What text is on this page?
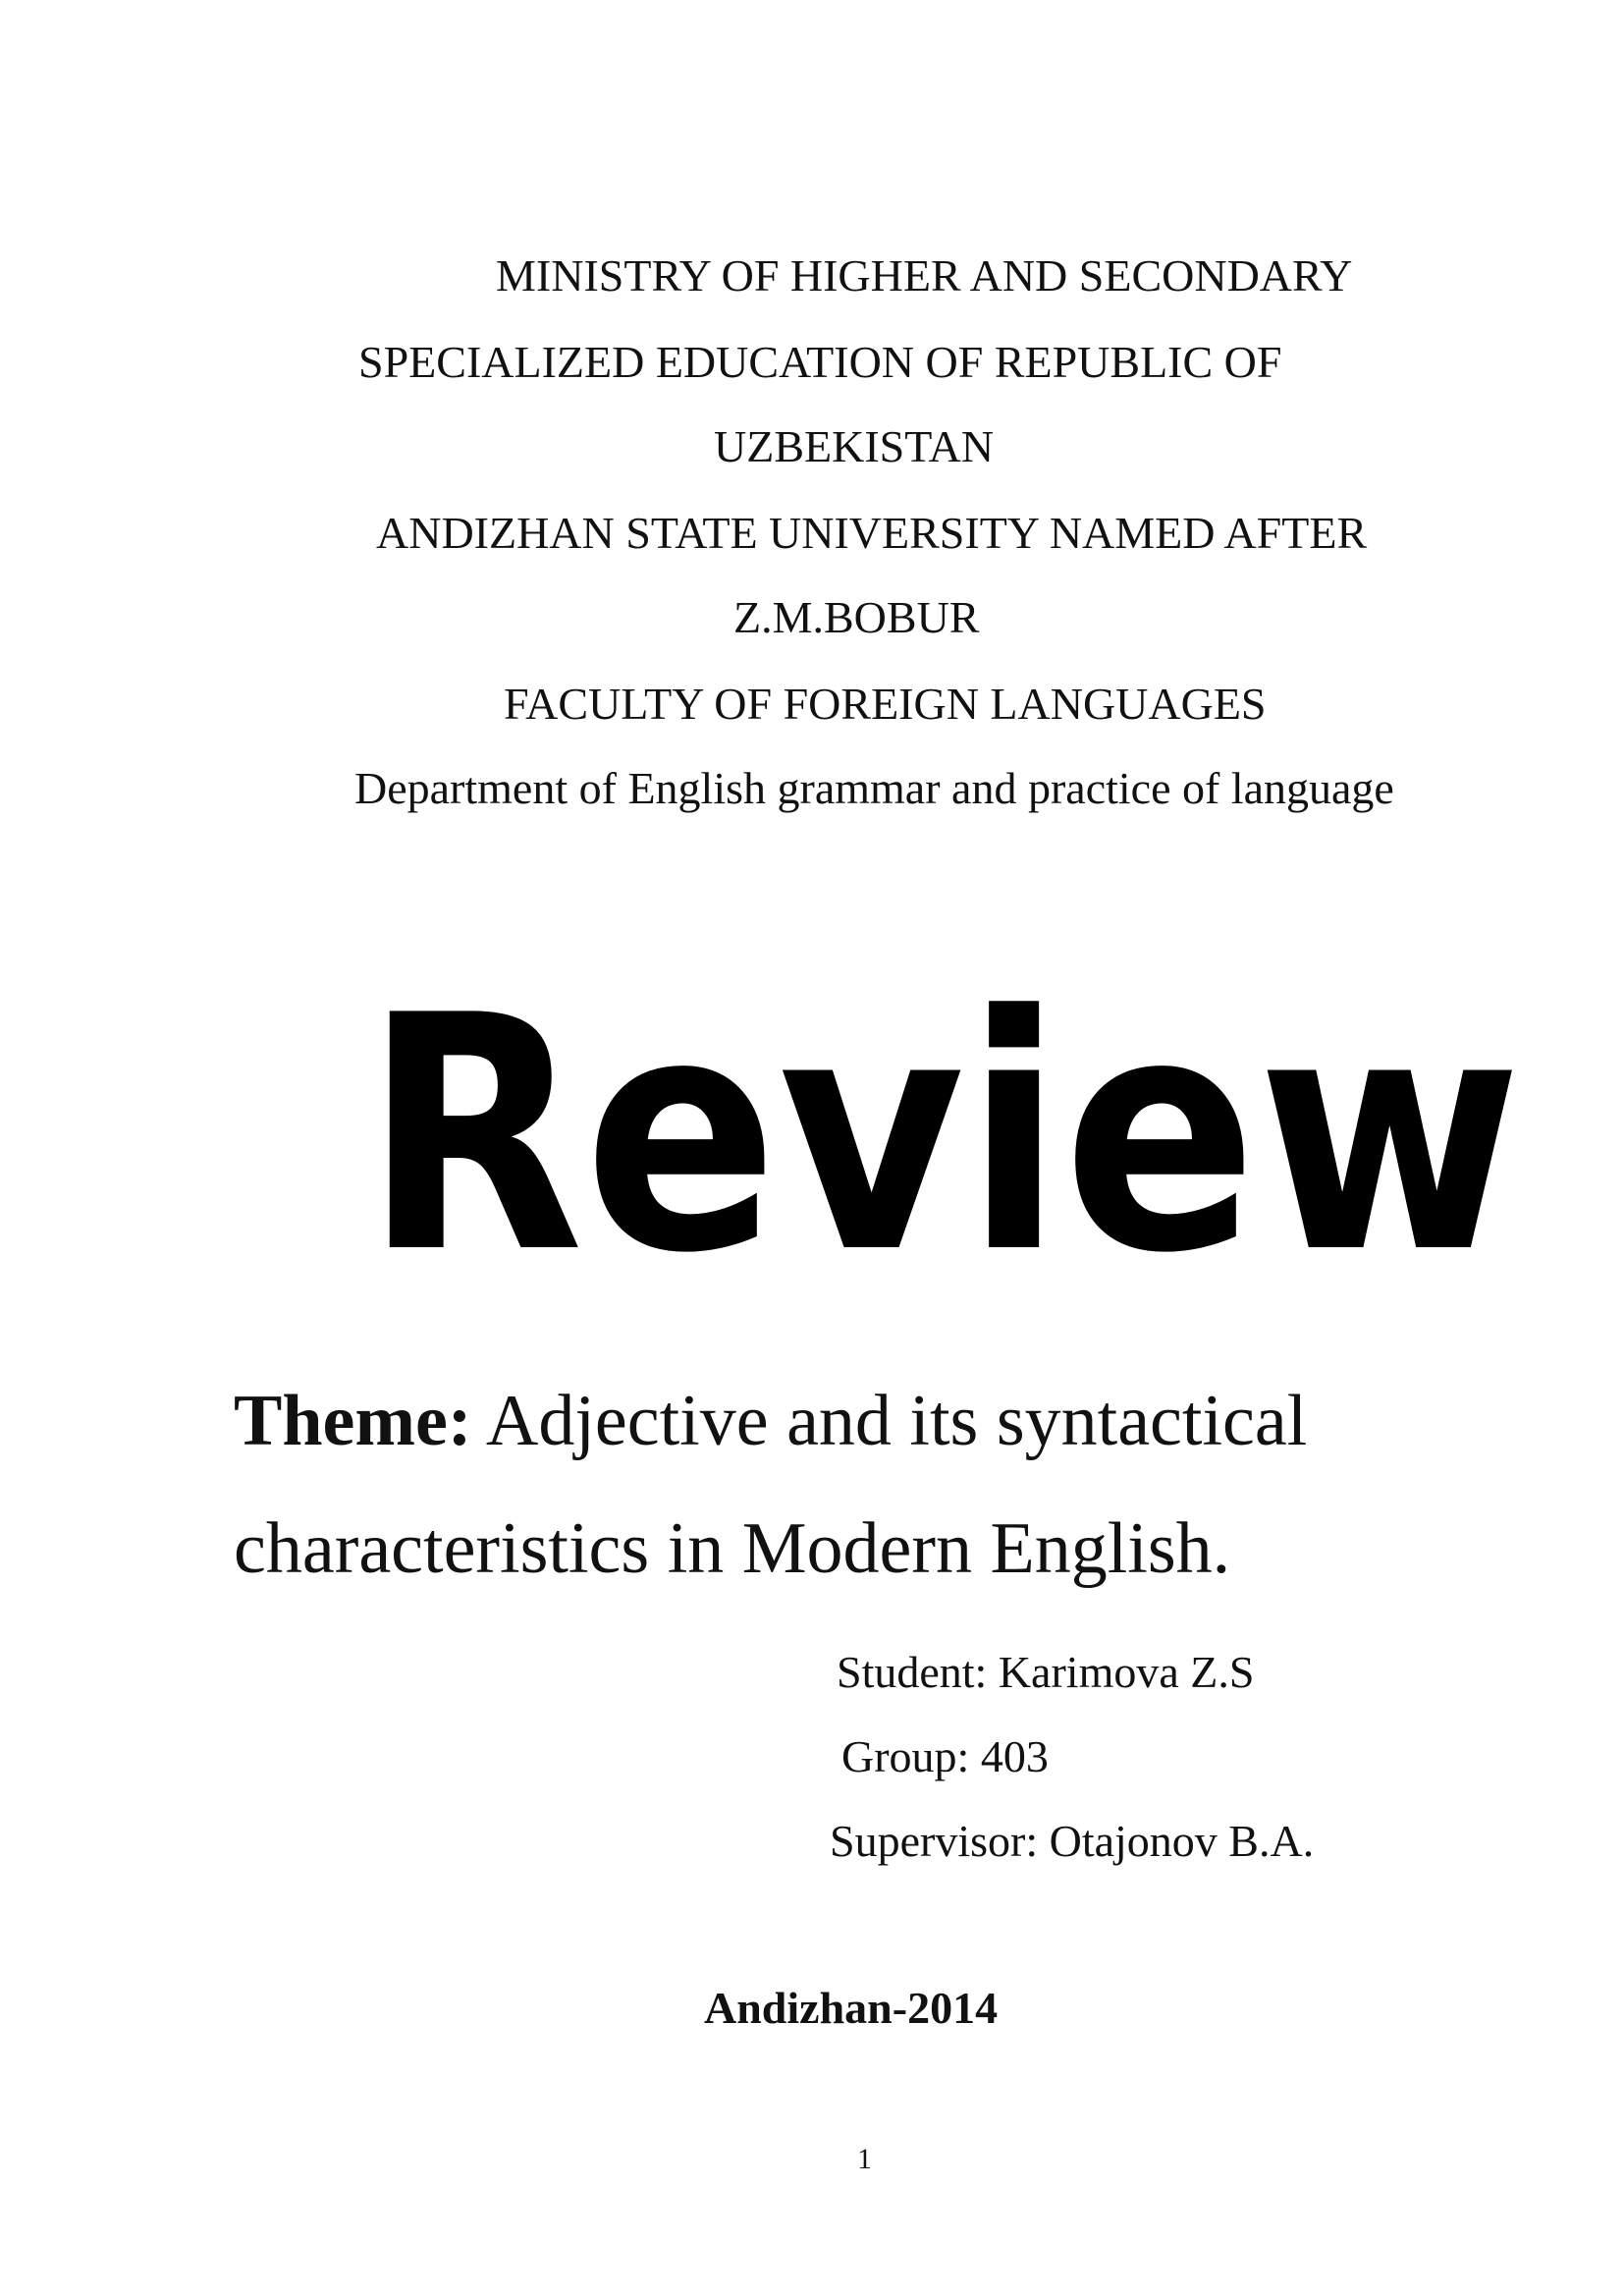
MINISTRY OF HIGHER AND SECONDARY
SPECIALIZED EDUCATION OF REPUBLIC OF
UZBEKISTAN
ANDIZHAN STATE UNIVERSITY NAMED AFTER
Z.M.BOBUR
FACULTY OF FOREIGN LANGUAGES
Department of English grammar and practice of language
Review
Theme: Adjective and its syntactical
characteristics in Modern English.
Student: Karimova Z.S
Group: 403
Supervisor: Otajonov B.A.
Andizhan-2014
1
